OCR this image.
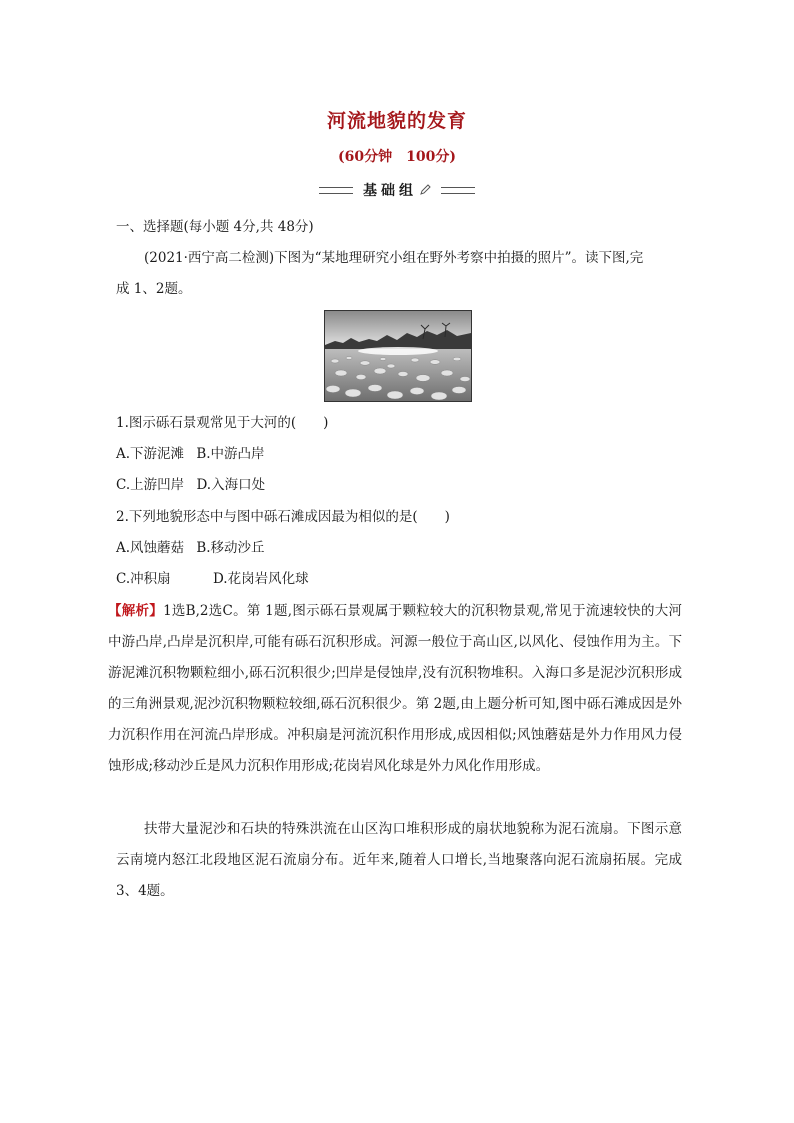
河流地貌的发育
(60分钟　100分)
基础组
一、选择题(每小题 4分,共 48分)
(2021·西宁高二检测)下图为“某地理研究小组在野外考察中拍摄的照片”。读下图,完
成 1、2题。
1.图示砾石景观常见于大河的(　　)
A.下游泥滩 B.中游凸岸
C.上游凹岸 D.入海口处
2.下列地貌形态中与图中砾石滩成因最为相似的是(　　)
A.风蚀蘑菇 B.移动沙丘
C.冲积扇	D.花岗岩风化球
【解析】1选B,2选C。第 1题,图示砾石景观属于颗粒较大的沉积物景观,常见于流速较快的大河中游凸岸,凸岸是沉积岸,可能有砾石沉积形成。河源一般位于高山区,以风化、侵蚀作用为主。下游泥滩沉积物颗粒细小,砾石沉积很少;凹岸是侵蚀岸,没有沉积物堆积。入海口多是泥沙沉积形成的三角洲景观,泥沙沉积物颗粒较细,砾石沉积很少。第 2题,由上题分析可知,图中砾石滩成因是外力沉积作用在河流凸岸形成。冲积扇是河流沉积作用形成,成因相似;风蚀蘑菇是外力作用风力侵蚀形成;移动沙丘是风力沉积作用形成;花岗岩风化球是外力风化作用形成。
扶带大量泥沙和石块的特殊洪流在山区沟口堆积形成的扇状地貌称为泥石流扇。下图示意云南境内怒江北段地区泥石流扇分布。近年来,随着人口增长,当地聚落向泥石流扇拓展。完成 3、4题。
